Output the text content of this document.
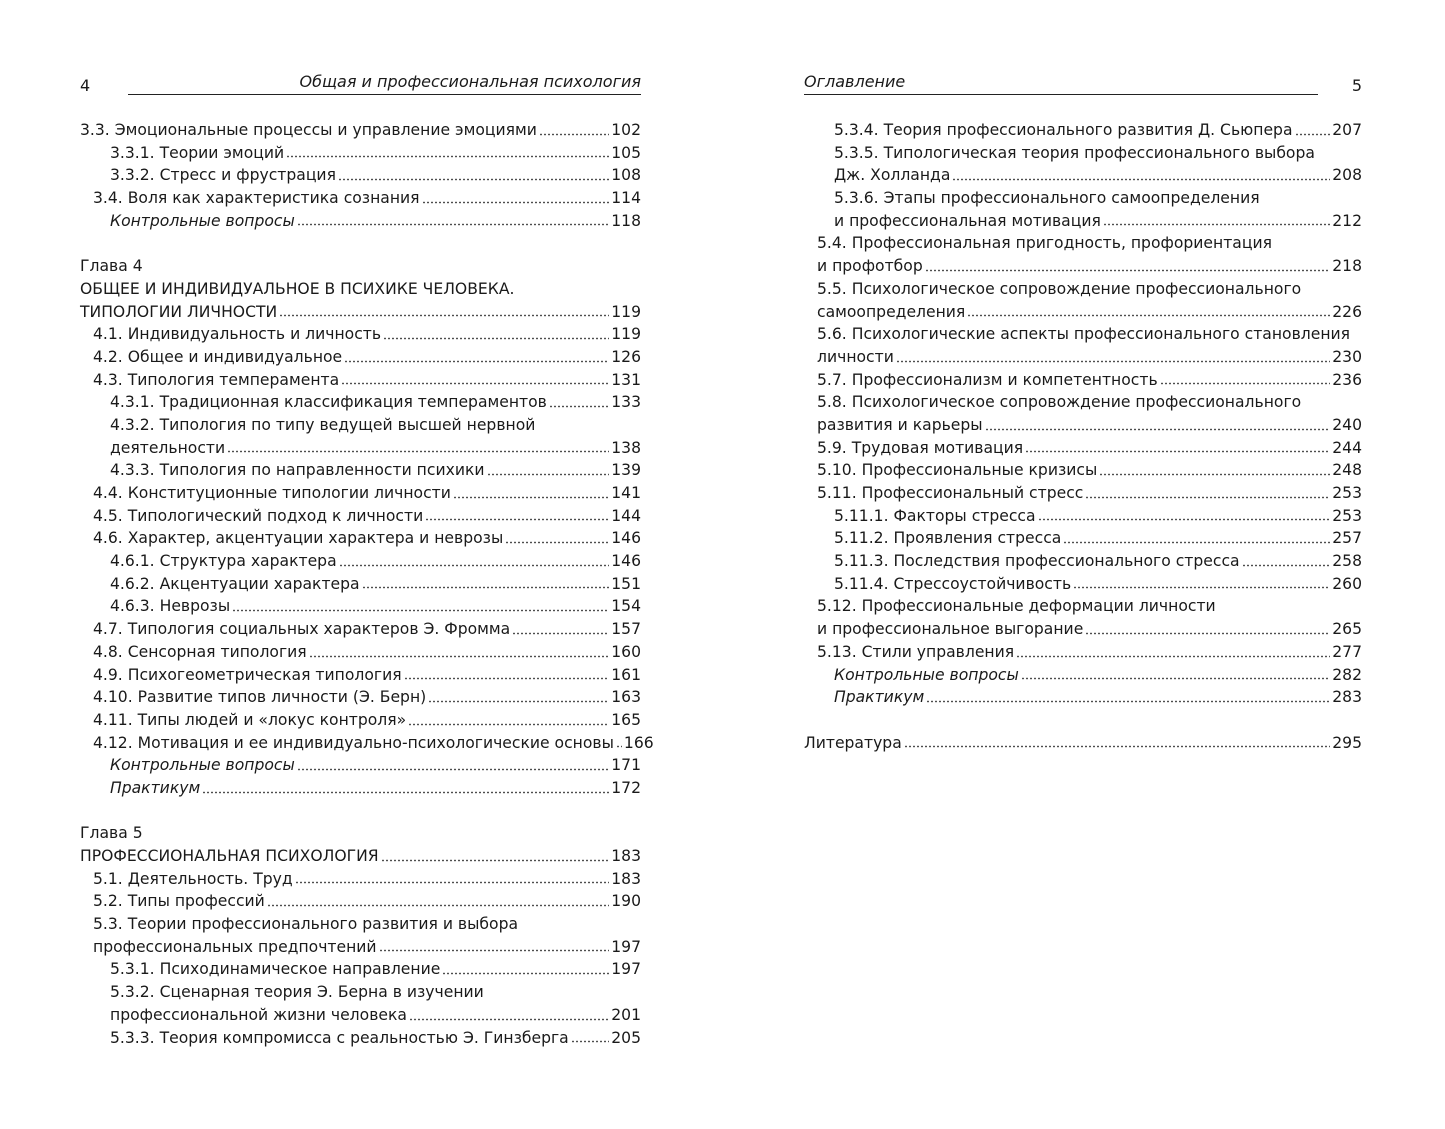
4	Общая и профессиональная психология
3.3. Эмоциональные процессы и управление эмоциями	102
3.3.1. Теории эмоций	105
3.3.2. Стресс и фрустрация	108
3.4. Воля как характеристика сознания	114
Контрольные вопросы	118
Глава 4
ОБЩЕЕ И ИНДИВИДУАЛЬНОЕ В ПСИХИКЕ ЧЕЛОВЕКА.
ТИПОЛОГИИ ЛИЧНОСТИ	119
4.1. Индивидуальность и личность	119
4.2. Общее и индивидуальное	126
4.3. Типология темперамента	131
4.3.1. Традиционная классификация темпераментов	133
4.3.2. Типология по типу ведущей высшей нервной
деятельности	138
4.3.3. Типология по направленности психики	139
4.4. Конституционные типологии личности	141
4.5. Типологический подход к личности	144
4.6. Характер, акцентуации характера и неврозы	146
4.6.1. Структура характера	146
4.6.2. Акцентуации характера	151
4.6.3. Неврозы	154
4.7. Типология социальных характеров Э. Фромма	157
4.8. Сенсорная типология	160
4.9. Психогеометрическая типология	161
4.10. Развитие типов личности (Э. Берн)	163
4.11. Типы людей и «локус контроля»	165
4.12. Мотивация и ее индивидуально-психологические основы 166
Контрольные вопросы	171
Практикум	172
Глава 5
ПРОФЕССИОНАЛЬНАЯ ПСИХОЛОГИЯ	183
5.1. Деятельность. Труд	183
5.2. Типы профессий	190
5.3. Теории профессионального развития и выбора
профессиональных предпочтений	197
5.3.1. Психодинамическое направление	197
5.3.2. Сценарная теория Э. Берна в изучении
профессиональной жизни человека	201
5.3.3. Теория компромисса с реальностью Э. Гинзберга	205
Оглавление	5
5.3.4. Теория профессионального развития Д. Сьюпера	207
5.3.5. Типологическая теория профессионального выбора
Дж. Холланда	208
5.3.6. Этапы профессионального самоопределения
и профессиональная мотивация	212
5.4. Профессиональная пригодность, профориентация
и профотбор	218
5.5. Психологическое сопровождение профессионального
самоопределения	226
5.6. Психологические аспекты профессионального становления
личности	230
5.7. Профессионализм и компетентность	236
5.8. Психологическое сопровождение профессионального
развития и карьеры	240
5.9. Трудовая мотивация	244
5.10. Профессиональные кризисы	248
5.11. Профессиональный стресс	253
5.11.1. Факторы стресса	253
5.11.2. Проявления стресса	257
5.11.3. Последствия профессионального стресса	258
5.11.4. Стрессоустойчивость	260
5.12. Профессиональные деформации личности
и профессиональное выгорание	265
5.13. Стили управления	277
Контрольные вопросы	282
Практикум	283
Литература	295
